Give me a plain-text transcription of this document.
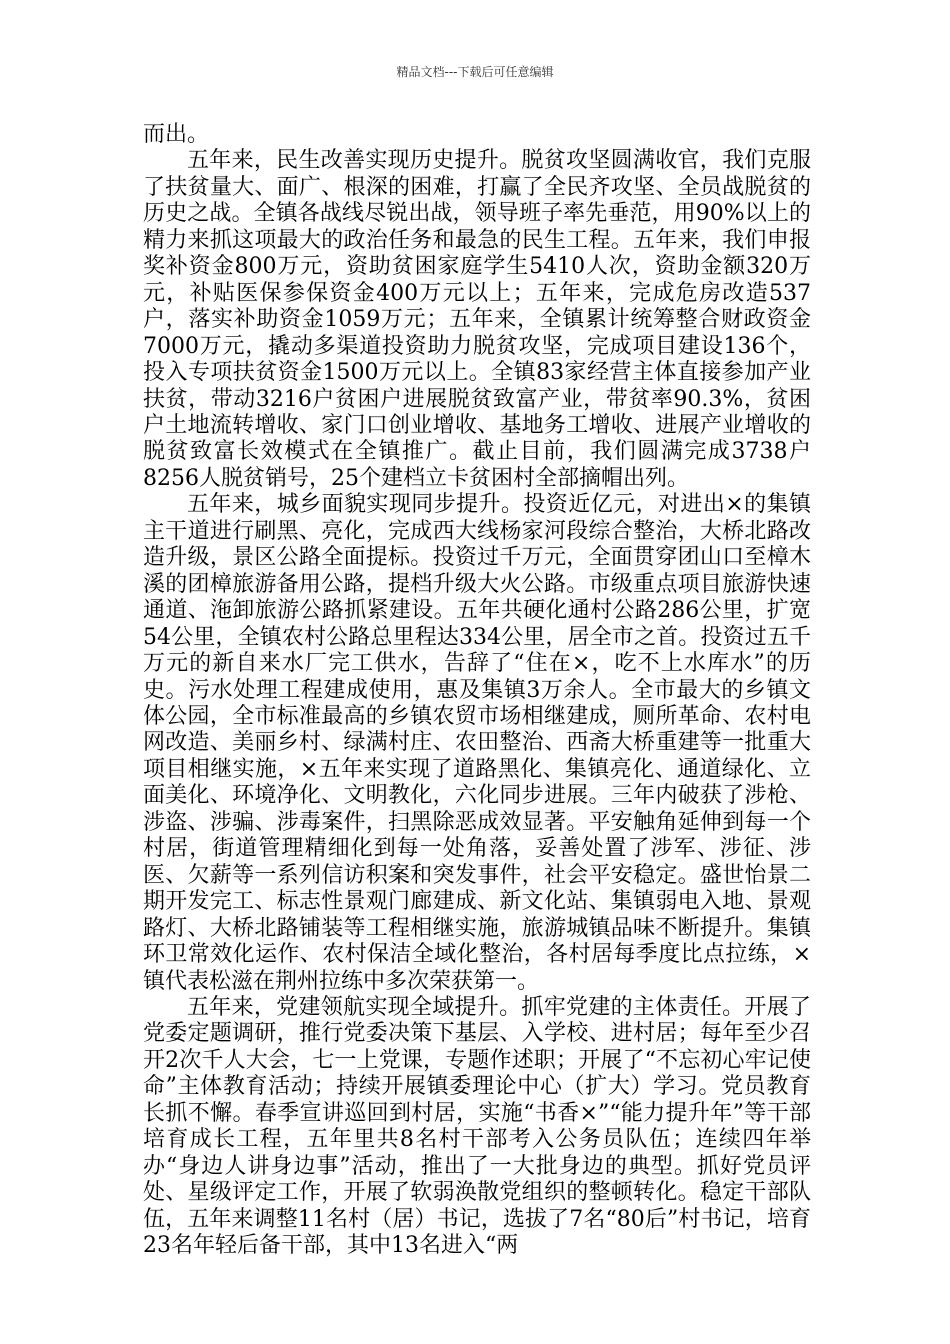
精品文档---下载后可任意编辑

而出。

五年来，民生改善实现历史提升。脱贫攻坚圆满收官，我们克服了扶贫量大、面广、根深的困难，打赢了全民齐攻坚、全员战脱贫的历史之战。全镇各战线尽锐出战，领导班子率先垂范，用90%以上的精力来抓这项最大的政治任务和最急的民生工程。五年来，我们申报奖补资金800万元，资助贫困家庭学生5410人次，资助金额320万元，补贴医保参保资金400万元以上；五年来，完成危房改造537户，落实补助资金1059万元；五年来，全镇累计统筹整合财政资金7000万元，撬动多渠道投资助力脱贫攻坚，完成项目建设136个，投入专项扶贫资金1500万元以上。全镇83家经营主体直接参加产业扶贫，带动3216户贫困户进展脱贫致富产业，带贫率90.3%，贫困户土地流转增收、家门口创业增收、基地务工增收、进展产业增收的脱贫致富长效模式在全镇推广。截止目前，我们圆满完成3738户8256人脱贫销号，25个建档立卡贫困村全部摘帽出列。

五年来，城乡面貌实现同步提升。投资近亿元，对进出×的集镇主干道进行刷黑、亮化，完成西大线杨家河段综合整治，大桥北路改造升级，景区公路全面提标。投资过千万元，全面贯穿团山口至樟木溪的团樟旅游备用公路，提档升级大火公路。市级重点项目旅游快速通道、沲卸旅游公路抓紧建设。五年共硬化通村公路286公里，扩宽54公里，全镇农村公路总里程达334公里，居全市之首。投资过五千万元的新自来水厂完工供水，告辞了“住在×，吃不上水库水”的历史。污水处理工程建成使用，惠及集镇3万余人。全市最大的乡镇文体公园，全市标准最高的乡镇农贸市场相继建成，厕所革命、农村电网改造、美丽乡村、绿满村庄、农田整治、西斋大桥重建等一批重大项目相继实施，×五年来实现了道路黑化、集镇亮化、通道绿化、立面美化、环境净化、文明教化，六化同步进展。三年内破获了涉枪、涉盗、涉骗、涉毒案件，扫黑除恶成效显著。平安触角延伸到每一个村居，街道管理精细化到每一处角落，妥善处置了涉军、涉征、涉医、欠薪等一系列信访积案和突发事件，社会平安稳定。盛世怡景二期开发完工、标志性景观门廊建成、新文化站、集镇弱电入地、景观路灯、大桥北路铺装等工程相继实施，旅游城镇品味不断提升。集镇环卫常效化运作、农村保洁全域化整治，各村居每季度比点拉练，×镇代表松滋在荆州拉练中多次荣获第一。

五年来，党建领航实现全域提升。抓牢党建的主体责任。开展了党委定题调研，推行党委决策下基层、入学校、进村居；每年至少召开2次千人大会，七一上党课，专题作述职；开展了“不忘初心牢记使命”主体教育活动；持续开展镇委理论中心（扩大）学习。党员教育长抓不懈。春季宣讲巡回到村居，实施“书香×”“能力提升年”等干部培育成长工程，五年里共8名村干部考入公务员队伍；连续四年举办“身边人讲身边事”活动，推出了一大批身边的典型。抓好党员评处、星级评定工作，开展了软弱涣散党组织的整顿转化。稳定干部队伍，五年来调整11名村（居）书记，选拔了7名“80后”村书记，培育23名年轻后备干部，其中13名进入“两
